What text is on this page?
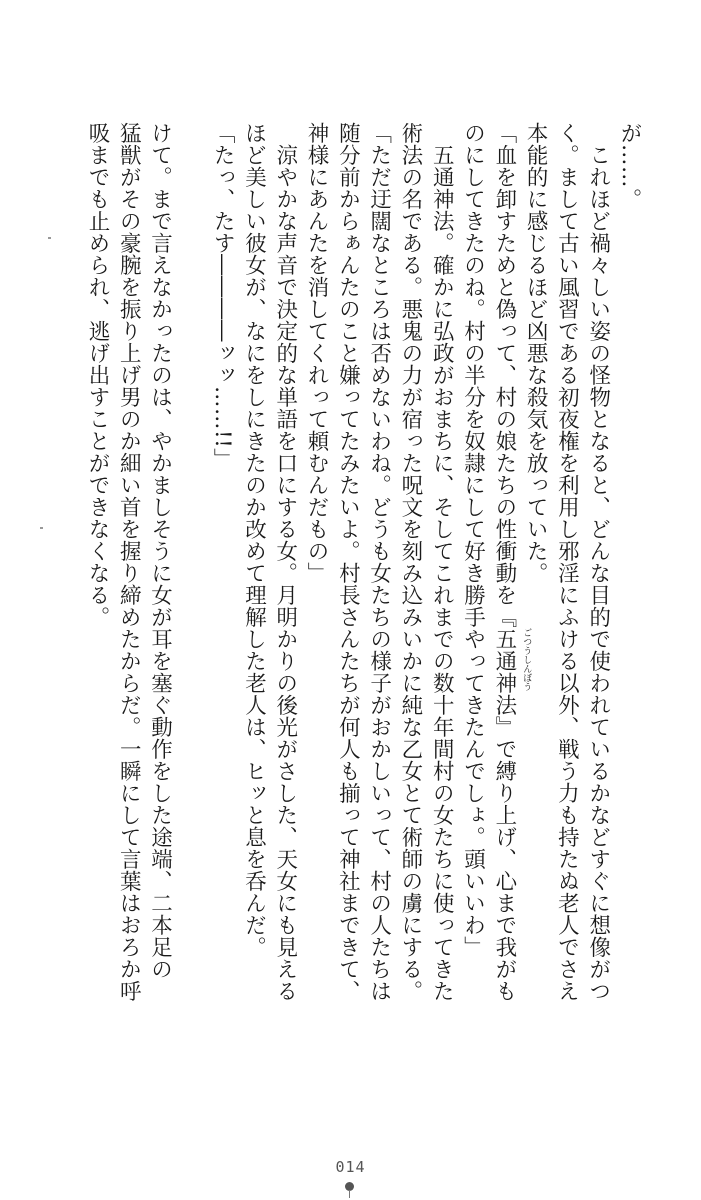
が……。

　これほど禍々しい姿の怪物となると、どんな目的で使われているかなどすぐに想像がつ

く。まして古い風習である初夜権を利用し邪淫にふける以外、戦う力も持たぬ老人でさえ

本能的に感じるほど凶悪な殺気を放っていた。

「血を卸すためと偽って、村の娘たちの性衝動を『五通神法 ごつうしんぼう
』で縛り上げ、心まで我がも

のにしてきたのね。村の半分を奴隷にして好き勝手やってきたんでしょ。頭いいわ」

　五通神法。確かに弘政がおまちに、そしてこれまでの数十年間村の女たちに使ってきた

術法の名である。悪鬼の力が宿った呪文を刻み込みいかに純な乙女とて術師の虜にする。

「ただ迂闊なところは否めないわね。どうも女たちの様子がおかしいって、村の人たちは

随分前からぁんたのこと嫌ってたみたいよ。村長さんたちが何人も揃って神社まできて、

神様にあんたを消してくれって頼むんだもの」

　涼やかな声音で決定的な単語を口にする女。月明かりの後光がさした、天女にも見える

ほど美しい彼女が、なにをしにきたのか改めて理解した老人は、ヒッと息を呑んだ。

「たっ、たす――――ッッ……!!」

けて。まで言えなかったのは、やかましそうに女が耳を塞ぐ動作をした途端、二本足の

猛獣がその豪腕を振り上げ男のか細い首を握り締めたからだ。一瞬にして言葉はおろか呼

吸までも止められ、逃げ出すことができなくなる。

014
